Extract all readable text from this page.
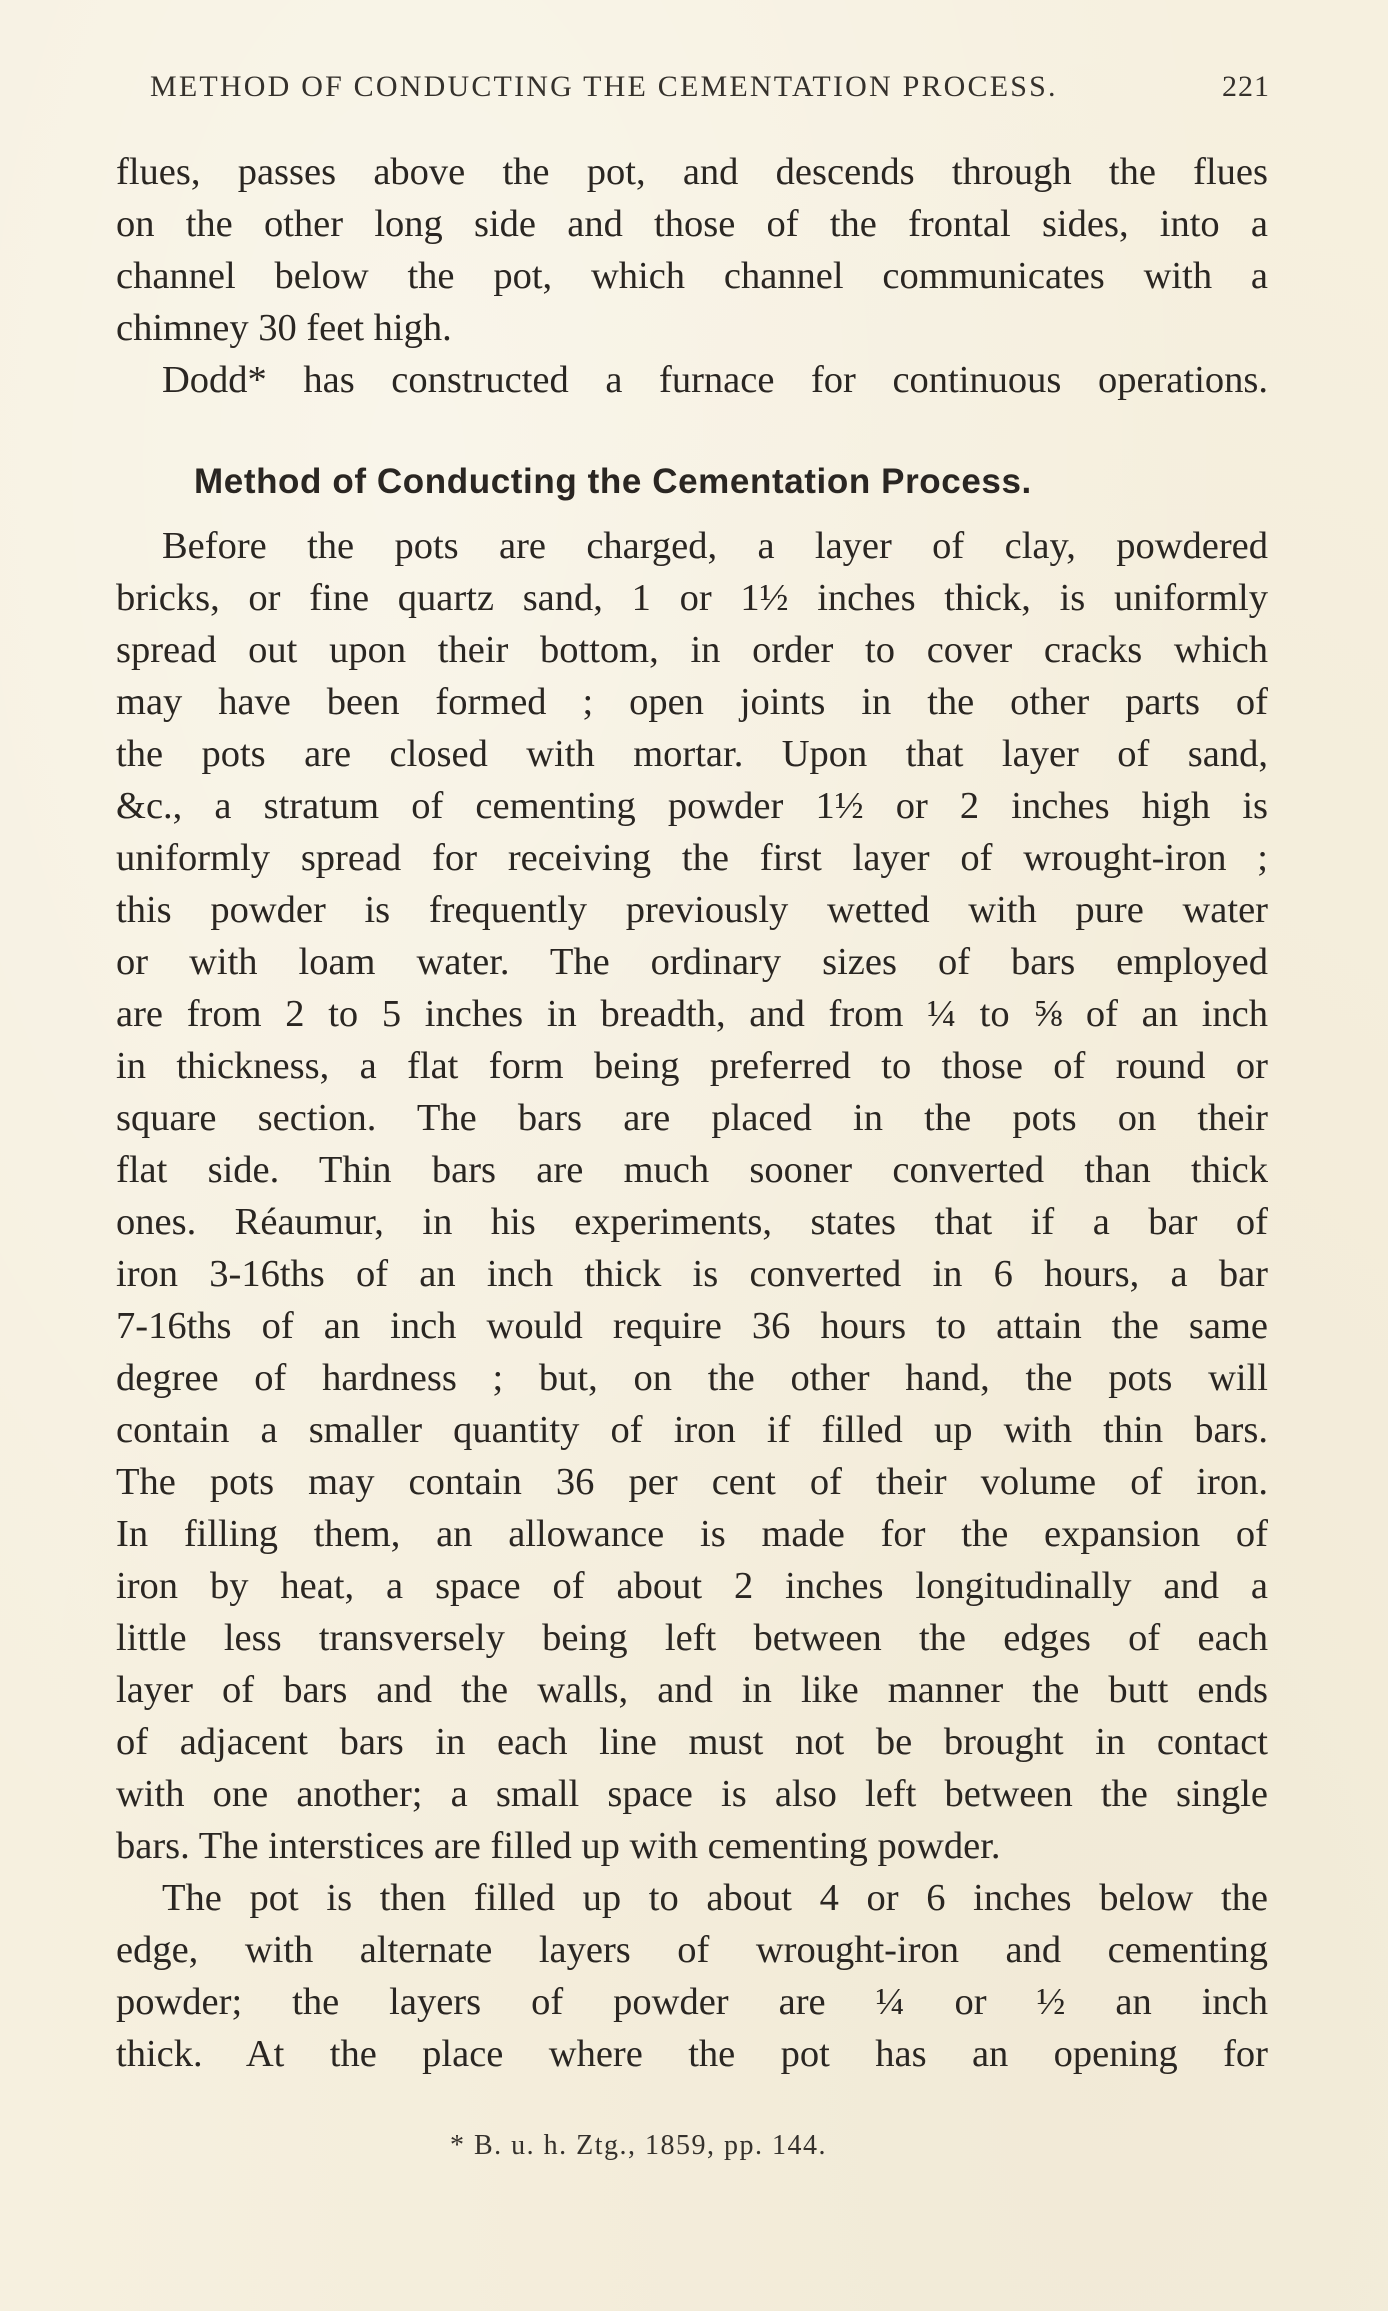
METHOD OF CONDUCTING THE CEMENTATION PROCESS.	221
flues, passes above the pot, and descends through the flues
on the other long side and those of the frontal sides, into a
channel below the pot, which channel communicates with a
chimney 30 feet high.
Dodd* has constructed a furnace for continuous operations.
Method of Conducting the Cementation Process.
Before the pots are charged, a layer of clay, powdered
bricks, or fine quartz sand, 1 or 1½ inches thick, is uniformly
spread out upon their bottom, in order to cover cracks which
may have been formed ; open joints in the other parts of
the pots are closed with mortar. Upon that layer of sand,
&c., a stratum of cementing powder 1½ or 2 inches high is
uniformly spread for receiving the first layer of wrought-iron ;
this powder is frequently previously wetted with pure water
or with loam water. The ordinary sizes of bars employed
are from 2 to 5 inches in breadth, and from ¼ to ⅝ of an inch
in thickness, a flat form being preferred to those of round or
square section. The bars are placed in the pots on their
flat side. Thin bars are much sooner converted than thick
ones. Réaumur, in his experiments, states that if a bar of
iron 3-16ths of an inch thick is converted in 6 hours, a bar
7-16ths of an inch would require 36 hours to attain the same
degree of hardness ; but, on the other hand, the pots will
contain a smaller quantity of iron if filled up with thin bars.
The pots may contain 36 per cent of their volume of iron.
In filling them, an allowance is made for the expansion of
iron by heat, a space of about 2 inches longitudinally and a
little less transversely being left between the edges of each
layer of bars and the walls, and in like manner the butt ends
of adjacent bars in each line must not be brought in contact
with one another; a small space is also left between the single
bars. The interstices are filled up with cementing powder.
The pot is then filled up to about 4 or 6 inches below the
edge, with alternate layers of wrought-iron and cementing
powder; the layers of powder are ¼ or ½ an inch
thick. At the place where the pot has an opening for
* B. u. h. Ztg., 1859, pp. 144.
